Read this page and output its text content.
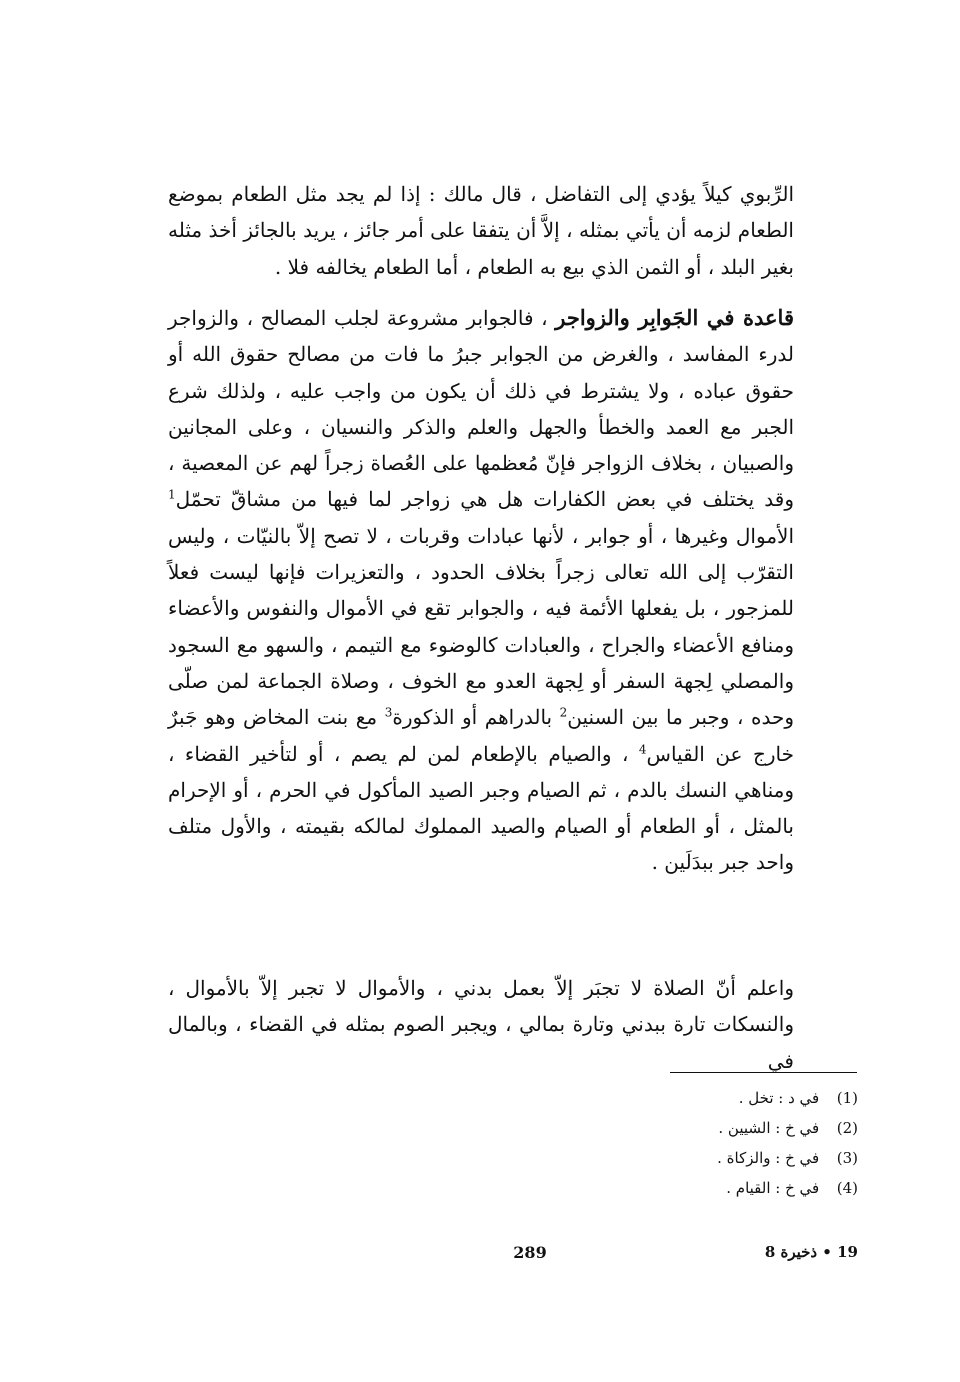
الرِّبوي كيلاً يؤدي إلى التفاضل ، قال مالك : إذا لم يجد مثل الطعام بموضع الطعام لزمه أن يأتي بمثله ، إلاَّ أن يتفقا على أمر جائز ، يريد بالجائز أخذ مثله بغير البلد ، أو الثمن الذي بيع به الطعام ، أما الطعام يخالفه فلا .

قاعدة في الجَوابِر والزواجر ، فالجوابر مشروعة لجلب المصالح ، والزواجر لدرء المفاسد ، والغرض من الجوابر جبرُ ما فات من مصالح حقوق الله أو حقوق عباده ، ولا يشترط في ذلك أن يكون من واجب عليه ، ولذلك شرع الجبر مع العمد والخطأ والجهل والعلم والذكر والنسيان ، وعلى المجانين والصبيان ، بخلاف الزواجر فإنّ مُعظمها على العُصاة زجراً لهم عن المعصية ، وقد يختلف في بعض الكفارات هل هي زواجر لما فيها من مشاقّ تحمّل$^1$ الأموال وغيرها ، أو جوابر ، لأنها عبادات وقربات ، لا تصح إلاّ بالنيّات ، وليس التقرّب إلى الله تعالى زجراً بخلاف الحدود ، والتعزيرات فإنها ليست فعلاً للمزجور ، بل يفعلها الأئمة فيه ، والجوابر تقع في الأموال والنفوس والأعضاء ومنافع الأعضاء والجراح ، والعبادات كالوضوء مع التيمم ، والسهو مع السجود والمصلي لِجهة السفر أو لِجهة العدو مع الخوف ، وصلاة الجماعة لمن صلّى وحده ، وجبر ما بين السنين$^2$ بالدراهم أو الذكورة$^3$ مع بنت المخاض وهو جَبرٌ خارج عن القياس$^4$ ، والصيام بالإطعام لمن لم يصم ، أو لتأخير القضاء ، ومناهي النسك بالدم ، ثم الصيام وجبر الصيد المأكول في الحرم ، أو الإحرام بالمثل ، أو الطعام أو الصيام والصيد المملوك لمالكه بقيمته ، والأول متلف واحد جبر ببدَلَين .

واعلم أنّ الصلاة لا تجبَر إلاّ بعمل بدني ، والأموال لا تجبر إلاّ بالأموال ، والنسكات تارة ببدني وتارة بمالي ، ويجبر الصوم بمثله في القضاء ، وبالمال في

(1) في د : تخل .
(2) في خ : الشيين .
(3) في خ : والزكاة .
(4) في خ : القيام .
289	19 • ذخيرة 8
